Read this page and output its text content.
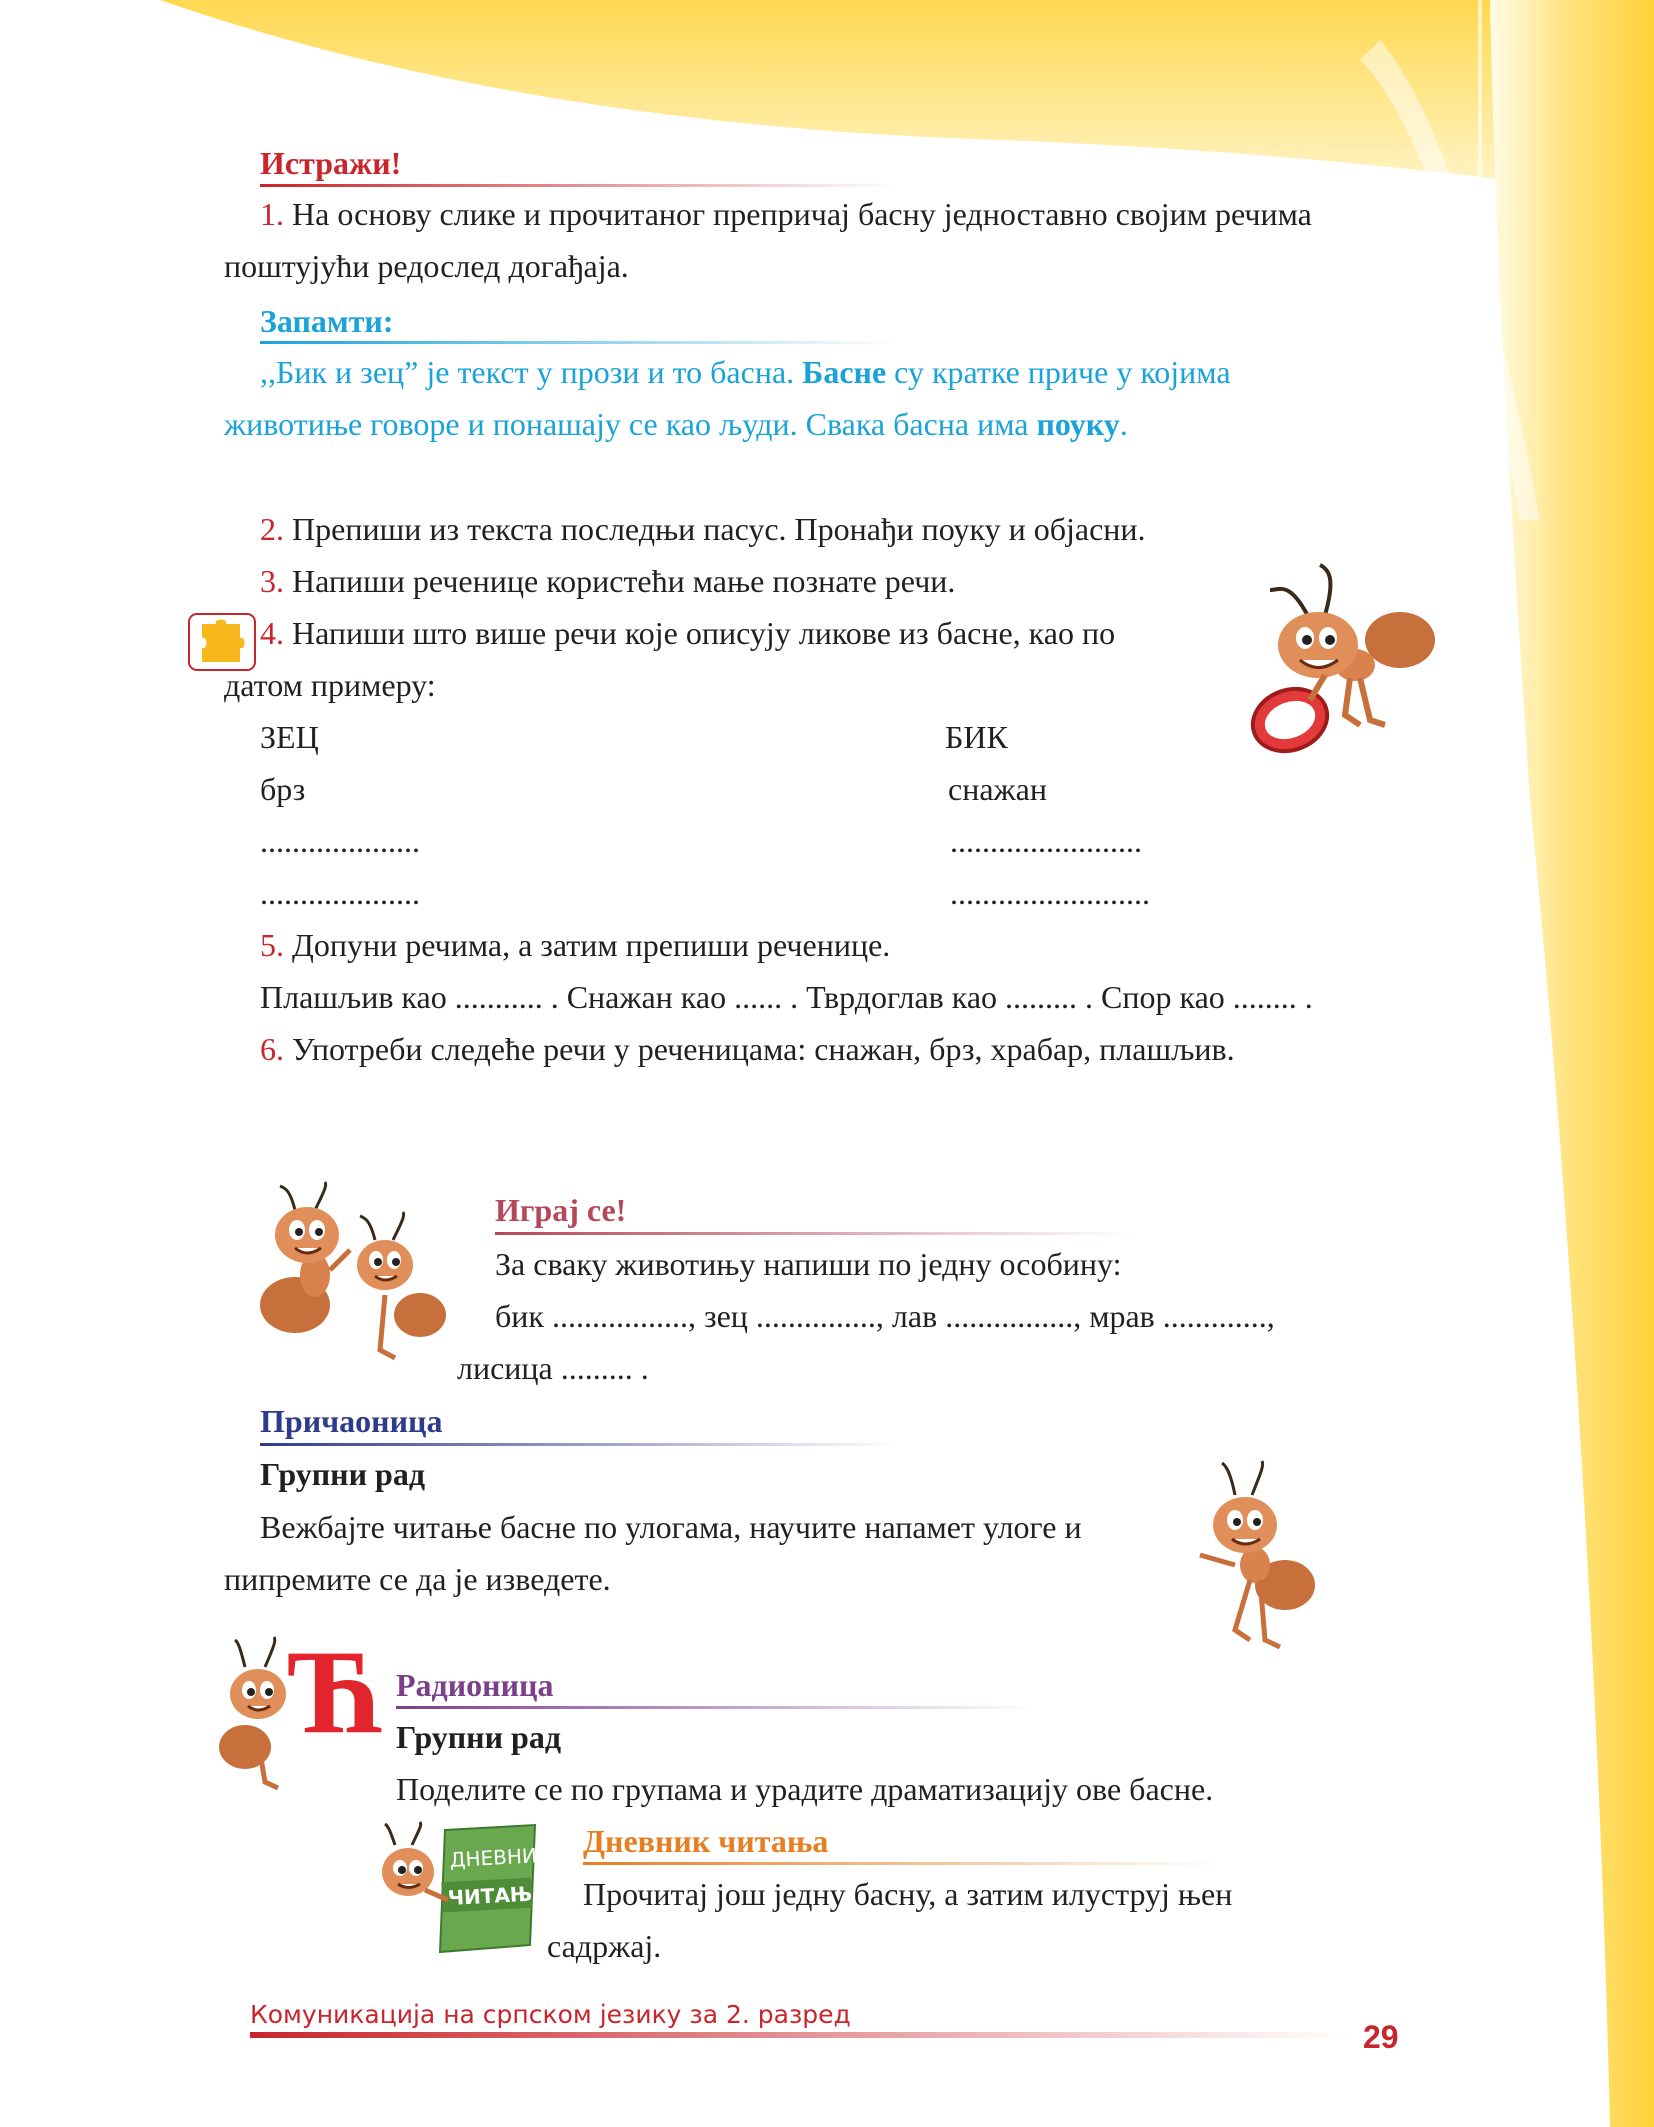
Истражи!
1. На основу слике и прочитаног препричај басну једноставно својим речима
поштујући редослед догађаја.
Запамти:
,,Бик и зец” је текст у прози и то басна. Басне су кратке приче у којима
животиње говоре и понашају се као људи. Свака басна има поуку.
2. Препиши из текста последњи пасус. Пронађи поуку и објасни.
3. Напиши реченице користећи мање познате речи.
4. Напиши што више речи које описују ликове из басне, као по
датом примеру:
ЗЕЦ	БИК
брз	снажан
....................	........................
....................	.........................
5. Допуни речима, а затим препиши реченице.
Плашљив као ........... . Снажан као ...... . Тврдоглав као ......... . Спор као ........ .
6. Употреби следеће речи у реченицама: снажан, брз, храбар, плашљив.
Играј се!
За сваку животињу напиши по једну особину:
бик ................., зец ..............., лав ................, мрав .............,
лисица ......... .
Причаоница
Групни рад
Вежбајте читање басне по улогама, научите напамет улоге и
пипремите се да је изведете.
Ћ Радионица
Групни рад
Поделите се по групама и урадите драматизацију ове басне.
ДНЕВНИК
ЧИТАЊА
Дневник читања
Прочитај још једну басну, а затим илуструј њен
садржај.
Комуникација на српском језику за 2. разред
29
